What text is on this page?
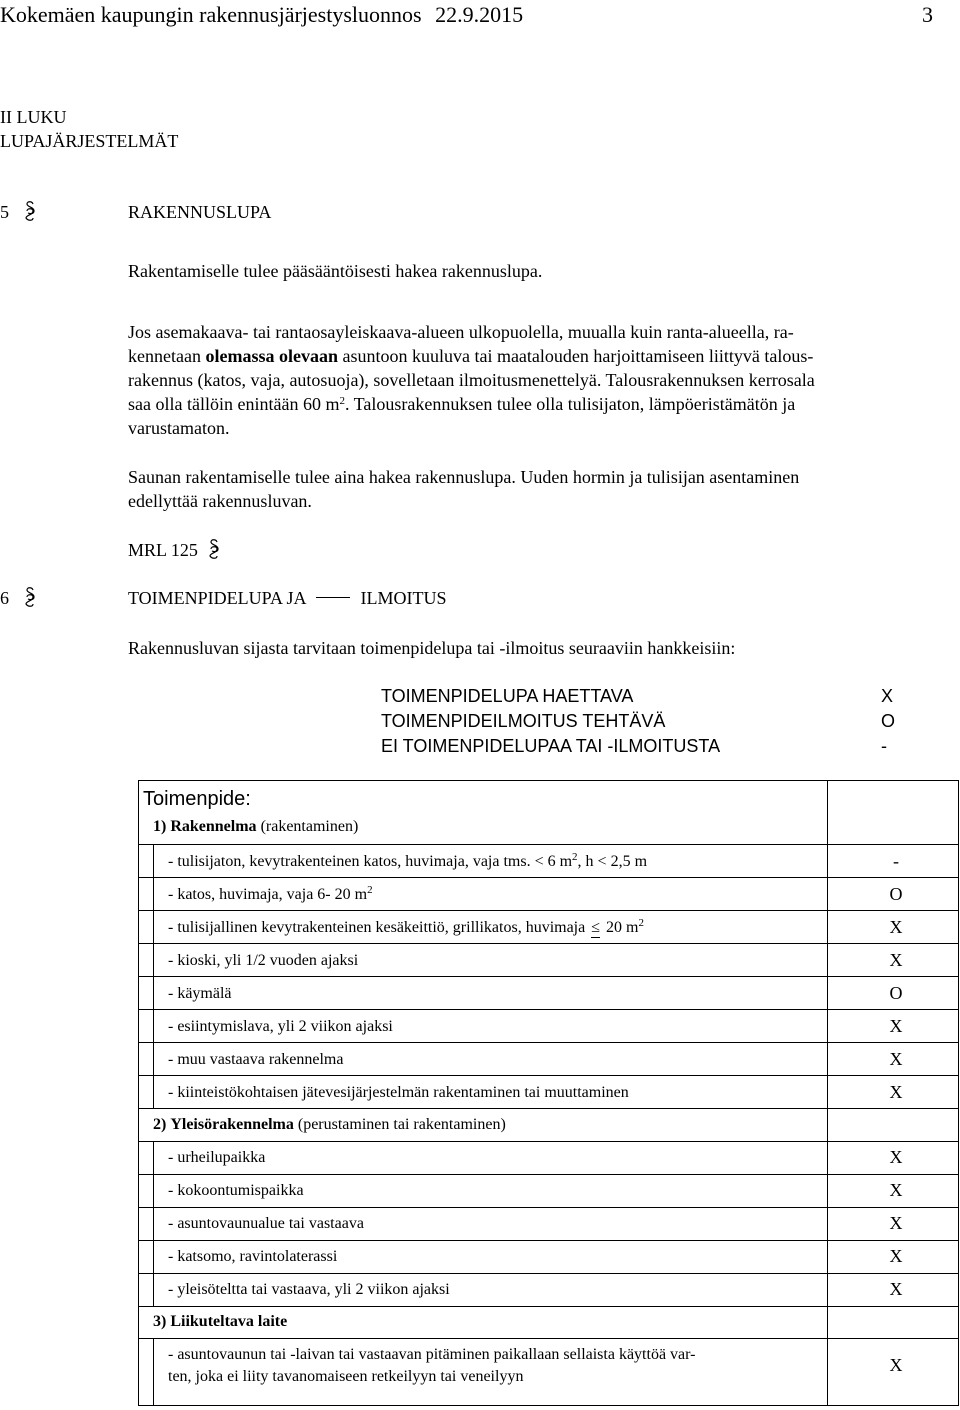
Kokemäen kaupungin rakennusjärjestysluonnos 22.9.2015	3
II LUKU
LUPAJÄRJESTELMÄT
5	RAKENNUSLUPA
Rakentamiselle tulee pääsääntöisesti hakea rakennuslupa.
Jos asemakaava- tai rantaosayleiskaava-alueen ulkopuolella, muualla kuin ranta-alueella, ra-
kennetaan olemassa olevaan asuntoon kuuluva tai maatalouden harjoittamiseen liittyvä talous-
rakennus (katos, vaja, autosuoja), sovelletaan ilmoitusmenettelyä. Talousrakennuksen kerrosala
saa olla tällöin enintään 60 $m^2$. Talousrakennuksen tulee olla tulisijaton, lämpöeristämätön ja
varustamaton.
Saunan rakentamiselle tulee aina hakea rakennuslupa. Uuden hormin ja tulisijan asentaminen
edellyttää rakennusluvan.
MRL 125
6	TOIMENPIDELUPA JA	ILMOITUS
Rakennusluvan sijasta tarvitaan toimenpidelupa tai -ilmoitus seuraaviin hankkeisiin:
TOIMENPIDELUPA HAETTAVA	X
TOIMENPIDEILMOITUS TEHTÄVÄ	O
EI TOIMENPIDELUPAA TAI -ILMOITUSTA	-
Toimenpide:
1) Rakennelma (rakentaminen)
- tulisijaton, kevytrakenteinen katos, huvimaja, vaja tms. < 6 $m^2$, h < 2,5 m	-
- katos, huvimaja, vaja 6- 20 $m^2$	O
- tulisijallinen kevytrakenteinen kesäkeittiö, grillikatos, huvimaja ≤ 20 $m^2$	X
- kioski, yli 1/2 vuoden ajaksi	X
- käymälä	O
- esiintymislava, yli 2 viikon ajaksi	X
- muu vastaava rakennelma	X
- kiinteistökohtaisen jätevesijärjestelmän rakentaminen tai muuttaminen	X
2) Yleisörakennelma (perustaminen tai rakentaminen)
- urheilupaikka	X
- kokoontumispaikka	X
- asuntovaunualue tai vastaava	X
- katsomo, ravintolaterassi	X
- yleisöteltta tai vastaava, yli 2 viikon ajaksi	X
3) Liikuteltava laite
- asuntovaunun tai -laivan tai vastaavan pitäminen paikallaan sellaista käyttöä var-
ten, joka ei liity tavanomaiseen retkeilyyn tai veneilyyn
X
